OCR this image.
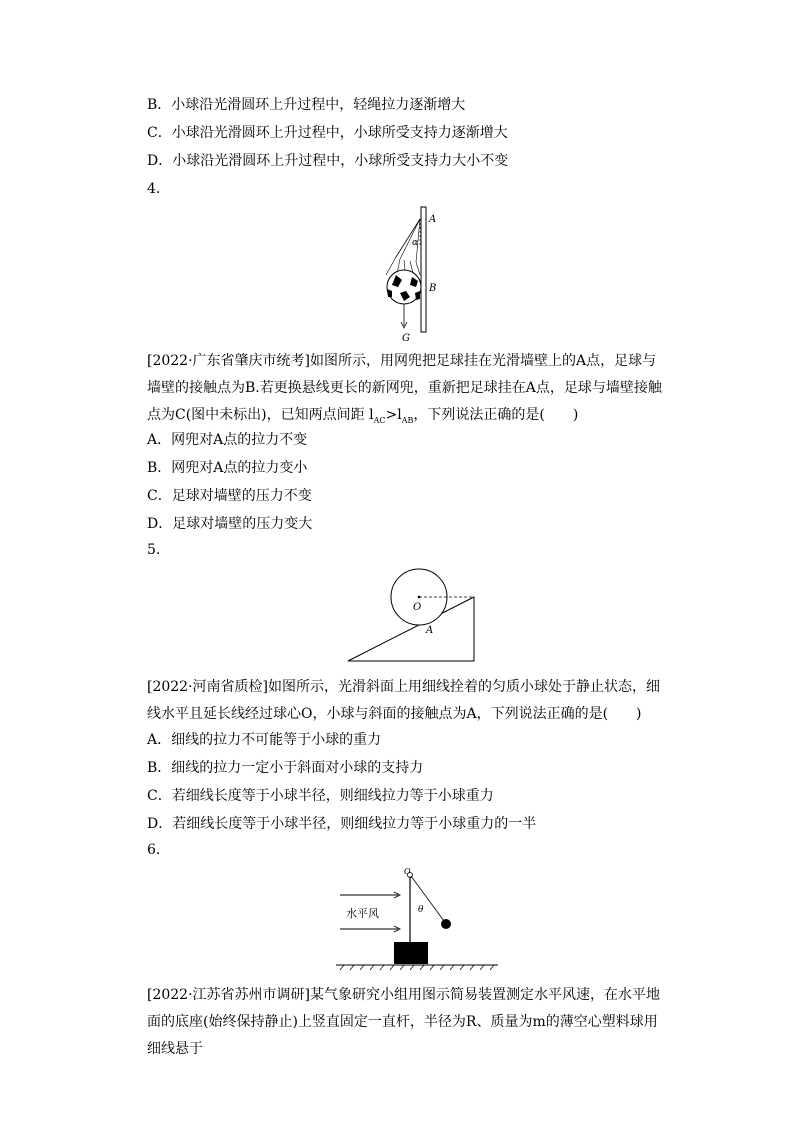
B．小球沿光滑圆环上升过程中，轻绳拉力逐渐增大
C．小球沿光滑圆环上升过程中，小球所受支持力逐渐增大
D．小球沿光滑圆环上升过程中，小球所受支持力大小不变
4.
G
A
B
α
[2022·广东省肇庆市统考]如图所示，用网兜把足球挂在光滑墙壁上的A点，足球与墙壁的接触点为B.若更换悬线更长的新网兜，重新把足球挂在A点，足球与墙壁接触点为C(图中未标出)，已知两点间距 $l_{AC}>l_{AB}$，下列说法正确的是(　　)
A．网兜对A点的拉力不变
B．网兜对A点的拉力变小
C．足球对墙壁的压力不变
D．足球对墙壁的压力变大
5.
O
A
[2022·河南省质检]如图所示，光滑斜面上用细线拴着的匀质小球处于静止状态，细线水平且延长线经过球心O，小球与斜面的接触点为A，下列说法正确的是(　　)
A．细线的拉力不可能等于小球的重力
B．细线的拉力一定小于斜面对小球的支持力
C．若细线长度等于小球半径，则细线拉力等于小球重力
D．若细线长度等于小球半径，则细线拉力等于小球重力的一半
6.
水平风	θ
O
[2022·江苏省苏州市调研]某气象研究小组用图示简易装置测定水平风速，在水平地面的底座(始终保持静止)上竖直固定一直杆，半径为R、质量为m的薄空心塑料球用细线悬于
